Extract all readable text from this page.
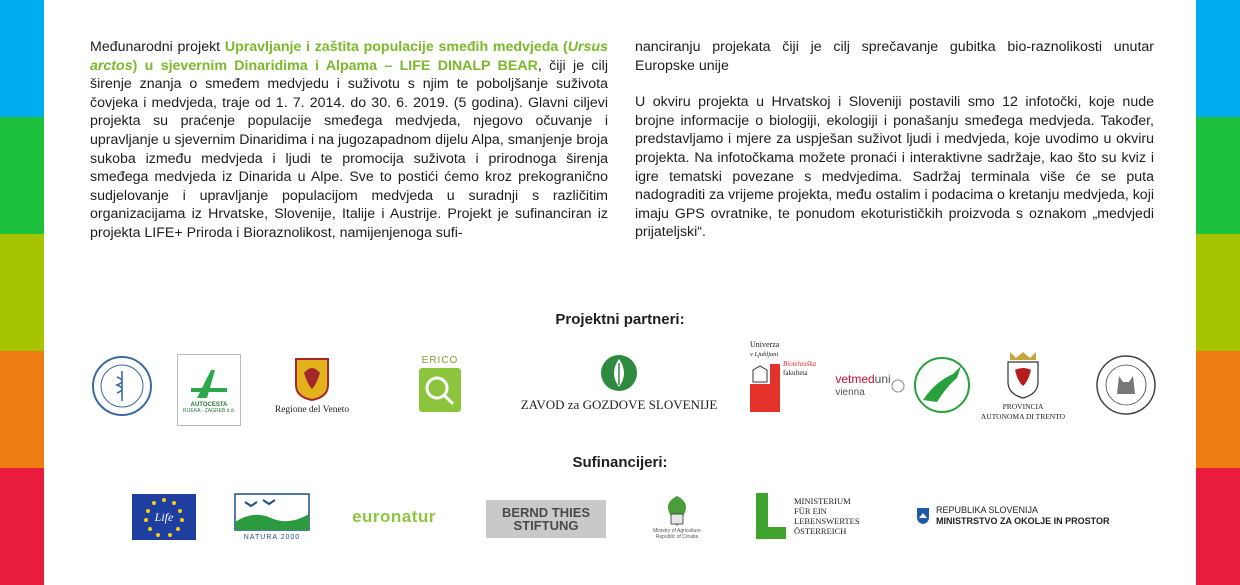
Međunarodni projekt Upravljanje i zaštita populacije smeđih medvjeda (Ursus arctos) u sjevernim Dinaridima i Alpama – LIFE DINALP BEAR, čiji je cilj širenje znanja o smeđem medvjedu i suživotu s njim te poboljšanje suživota čovjeka i medvjeda, traje od 1. 7. 2014. do 30. 6. 2019. (5 godina). Glavni ciljevi projekta su praćenje populacije smeđega medvjeda, njegovo očuvanje i upravljanje u sjevernim Dinaridima i na jugozapadnom dijelu Alpa, smanjenje broja sukoba između medvjeda i ljudi te promocija suživota i prirodnoga širenja smeđega medvjeda iz Dinarida u Alpe. Sve to postići ćemo kroz prekogranično sudjelovanje i upravljanje populacijom medvjeda u suradnji s različitim organizacijama iz Hrvatske, Slovenije, Italije i Austrije. Projekt je sufinanciran iz projekta LIFE+ Priroda i Bioraznolikost, namijenjenoga sufi-

nanciranju projekata čiji je cilj sprečavanje gubitka bio-raznolikosti unutar Europske unije

U okviru projekta u Hrvatskoj i Sloveniji postavili smo 12 infotočki, koje nude brojne informacije o biologiji, ekologiji i ponašanju smeđega medvjeda. Također, predstavljamo i mjere za uspješan suživot ljudi i medvjeda, koje uvodimo u okviru projekta. Na infotočkama možete pronaći i interaktivne sadržaje, kao što su kviz i igre tematski povezane s medvjedima. Sadržaj terminala više će se puta nadograditi za vrijeme projekta, među ostalim i podacima o kretanju medvjeda, koji imaju GPS ovratnike, te ponudom ekoturističkih proizvoda s oznakom „medvjedi prijateljski“.

Projektni partneri:
AUTOCESTA
RIJEKA - ZAGREB d.d.	Regione del Veneto
ERICO
ZAVOD za GOZDOVE SLOVENIJE
Univerza
v Ljubljani
Biotehniška
fakulteta	vetmeduni
vienna
PROVINCIA
AUTONOMA DI TRENTO
Sufinancijeri:
Life
NATURA 2000
euronatur	BERND THIES
STIFTUNG	Ministry of Agriculture
Republic of Croatia
MINISTERIUM
FÜR EIN
LEBENSWERTES
ÖSTERREICH
REPUBLIKA SLOVENIJA
MINISTRSTVO ZA OKOLJE IN PROSTOR
